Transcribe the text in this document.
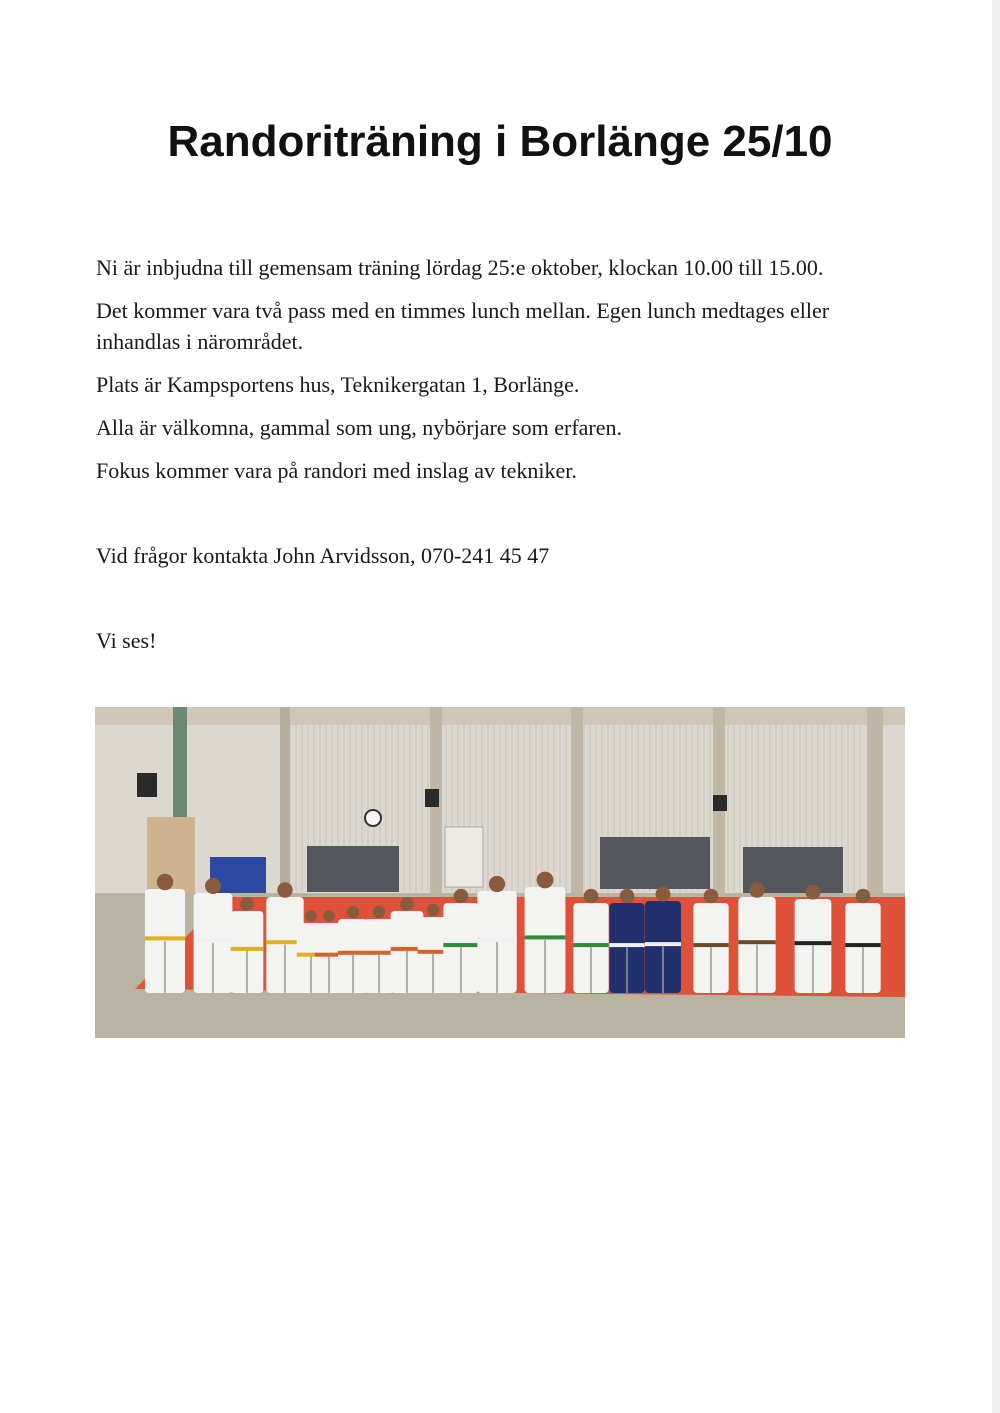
Randoriträning i Borlänge 25/10

Ni är inbjudna till gemensam träning lördag 25:e oktober, klockan 10.00 till 15.00.

Det kommer vara två pass med en timmes lunch mellan. Egen lunch medtages eller inhandlas i närområdet.

Plats är Kampsportens hus, Teknikergatan 1, Borlänge.

Alla är välkomna, gammal som ung, nybörjare som erfaren.

Fokus kommer vara på randori med inslag av tekniker.

Vid frågor kontakta John Arvidsson, 070-241 45 47

Vi ses!
